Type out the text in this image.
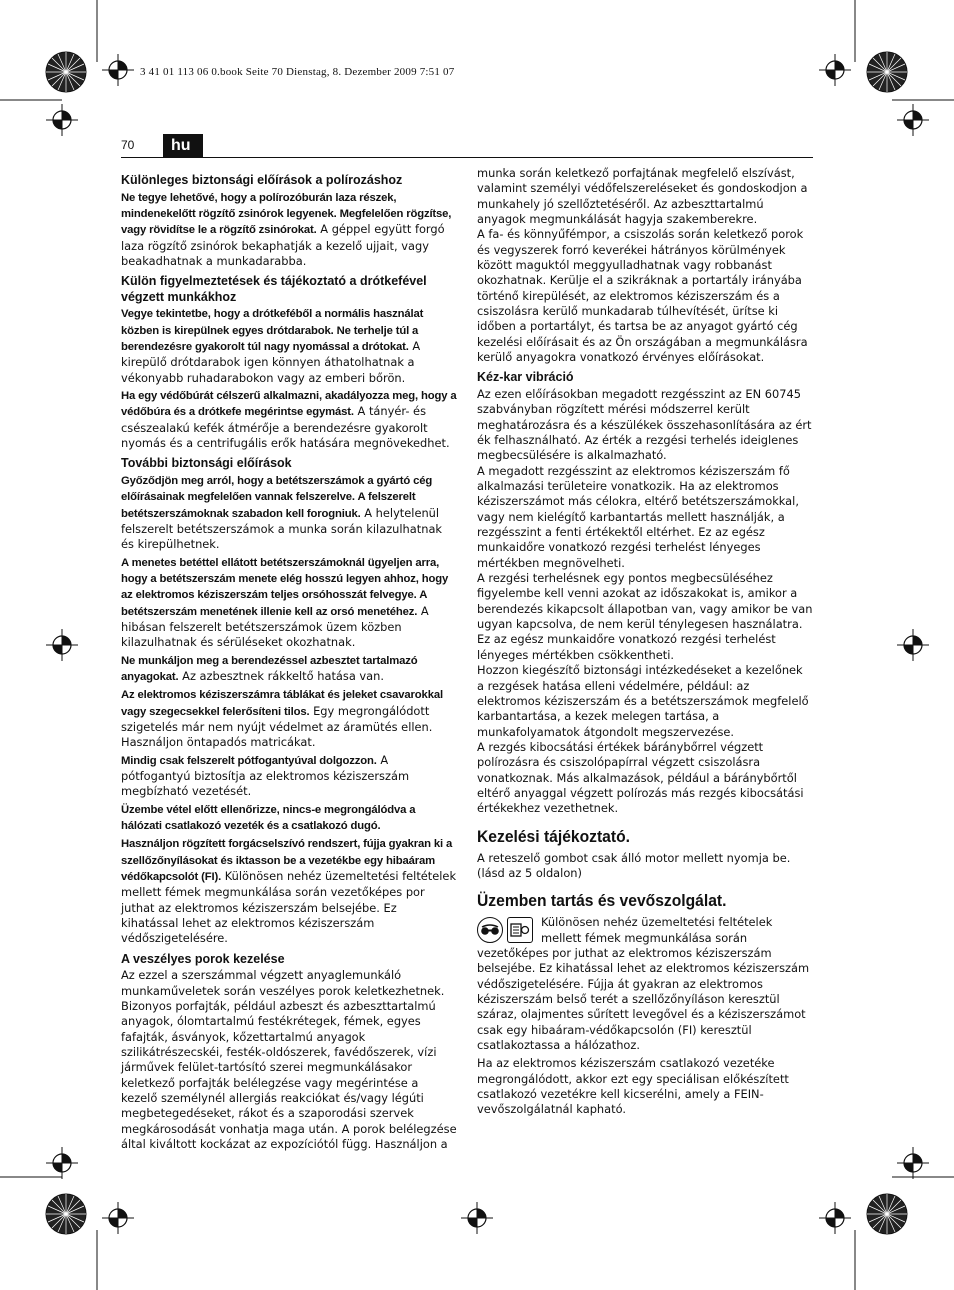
3 41 01 113 06 0.book Seite 70 Dienstag, 8. Dezember 2009 7:51 07
70	hu
Különleges biztonsági előírások a polírozáshoz

Ne tegye lehetővé, hogy a polírozóburán laza részek, mindenekelőtt rögzítő zsinórok legyenek. Megfelelően rögzítse, vagy rövidítse le a rögzítő zsinórokat. A géppel együtt forgó laza rögzítő zsinórok bekaphatják a kezelő ujjait, vagy beakadhatnak a munkadarabba.

Külön figyelmeztetések és tájékoztató a drótkefével végzett munkákhoz

Vegye tekintetbe, hogy a drótkeféből a normális használat közben is kirepülnek egyes drótdarabok. Ne terhelje túl a berendezésre gyakorolt túl nagy nyomással a drótokat. A kirepülő drótdarabok igen könnyen áthatolhatnak a vékonyabb ruhadarabokon vagy az emberi bőrön.

Ha egy védőbúrát célszerű alkalmazni, akadályozza meg, hogy a védőbúra és a drótkefe megérintse egymást. A tányér- és csészealakú kefék átmérője a berendezésre gyakorolt nyomás és a centrifugális erők hatására megnövekedhet.

További biztonsági előírások

Győződjön meg arról, hogy a betétszerszámok a gyártó cég előírásainak megfelelően vannak felszerelve. A felszerelt betétszerszámoknak szabadon kell forogniuk. A helytelenül felszerelt betétszerszámok a munka során kilazulhatnak és kirepülhetnek.

A menetes betéttel ellátott betétszerszámoknál ügyeljen arra, hogy a betétszerszám menete elég hosszú legyen ahhoz, hogy az elektromos kéziszerszám teljes orsóhosszát felvegye. A betétszerszám menetének illenie kell az orsó menetéhez. A hibásan felszerelt betétszerszámok üzem közben kilazulhatnak és sérüléseket okozhatnak.

Ne munkáljon meg a berendezéssel azbesztet tartalmazó anyagokat. Az azbesztnek rákkeltő hatása van.

Az elektromos kéziszerszámra táblákat és jeleket csavarokkal vagy szegecsekkel felerősíteni tilos. Egy megrongálódott szigetelés már nem nyújt védelmet az áramütés ellen. Használjon öntapadós matricákat.

Mindig csak felszerelt pótfogantyúval dolgozzon. A pótfogantyú biztosítja az elektromos kéziszerszám megbízható vezetését.

Üzembe vétel előtt ellenőrizze, nincs-e megrongálódva a hálózati csatlakozó vezeték és a csatlakozó dugó.

Használjon rögzített forgácselszívó rendszert, fújja gyakran ki a szellőzőnyílásokat és iktasson be a vezetékbe egy hibaáram védőkapcsolót (FI). Különösen nehéz üzemeltetési feltételek mellett fémek megmunkálása során vezetőképes por juthat az elektromos kéziszerszám belsejébe. Ez kihatással lehet az elektromos kéziszerszám védőszigetelésére.

A veszélyes porok kezelése

Az ezzel a szerszámmal végzett anyaglemunkáló munkaműveletek során veszélyes porok keletkezhetnek. Bizonyos porfajták, például azbeszt és azbeszttartalmú anyagok, ólomtartalmú festékrétegek, fémek, egyes fafajták, ásványok, kőzettartalmú anyagok szilikátrészecskéi, festék-oldószerek, favédőszerek, vízi járművek felület-tartósító szerei megmunkálásakor keletkező porfajták belélegzése vagy megérintése a kezelő személynél allergiás reakciókat és/vagy légúti megbetegedéseket, rákot és a szaporodási szervek megkárosodását vonhatja maga után. A porok belélegzése által kiváltott kockázat az expozíciótól függ. Használjon a

munka során keletkező porfajtának megfelelő elszívást, valamint személyi védőfelszereléseket és gondoskodjon a munkahely jó szellőztetéséről. Az azbeszttartalmú anyagok megmunkálását hagyja szakemberekre.

A fa- és könnyűfémpor, a csiszolás során keletkező porok és vegyszerek forró keverékei hátrányos körülmények között maguktól meggyulladhatnak vagy robbanást okozhatnak. Kerülje el a szikráknak a portartály irányába történő kirepülését, az elektromos kéziszerszám és a csiszolásra kerülő munkadarab túlhevítését, ürítse ki időben a portartályt, és tartsa be az anyagot gyártó cég kezelési előírásait és az Ön országában a megmunkálásra kerülő anyagokra vonatkozó érvényes előírásokat.

Kéz-kar vibráció

Az ezen előírásokban megadott rezgésszint az EN 60745 szabványban rögzített mérési módszerrel került meghatározásra és a készülékek összehasonlítására az ért ék felhasználható. Az érték a rezgési terhelés ideiglenes megbecsülésére is alkalmazható.

A megadott rezgésszint az elektromos kéziszerszám fő alkalmazási területeire vonatkozik. Ha az elektromos kéziszerszámot más célokra, eltérő betétszerszámokkal, vagy nem kielégítő karbantartás mellett használják, a rezgésszint a fenti értékektől eltérhet. Ez az egész munkaidőre vonatkozó rezgési terhelést lényeges mértékben megnövelheti.

A rezgési terhelésnek egy pontos megbecsüléséhez figyelembe kell venni azokat az időszakokat is, amikor a berendezés kikapcsolt állapotban van, vagy amikor be van ugyan kapcsolva, de nem kerül ténylegesen használatra. Ez az egész munkaidőre vonatkozó rezgési terhelést lényeges mértékben csökkentheti.

Hozzon kiegészítő biztonsági intézkedéseket a kezelőnek a rezgések hatása elleni védelmére, például: az elektromos kéziszerszám és a betétszerszámok megfelelő karbantartása, a kezek melegen tartása, a munkafolyamatok átgondolt megszervezése.

A rezgés kibocsátási értékek báránybőrrel végzett polírozásra és csiszolópapírral végzett csiszolásra vonatkoznak. Más alkalmazások, például a báránybőrtől eltérő anyaggal végzett polírozás más rezgés kibocsátási értékekhez vezethetnek.

Kezelési tájékoztató.

A reteszelő gombot csak álló motor mellett nyomja be. (lásd az 5 oldalon)

Üzemben tartás és vevőszolgálat.

Különösen nehéz üzemeltetési feltételek mellett fémek megmunkálása során vezetőképes por juthat az elektromos kéziszerszám belsejébe. Ez kihatással lehet az elektromos kéziszerszám védőszigetelésére. Fújja át gyakran az elektromos kéziszerszám belső terét a szellőzőnyíláson keresztül száraz, olajmentes sűrített levegővel és a kéziszerszámot csak egy hibaáram-védőkapcsolón (FI) keresztül csatlakoztassa a hálózathoz.

Ha az elektromos kéziszerszám csatlakozó vezetéke megrongálódott, akkor ezt egy speciálisan előkészített csatlakozó vezetékre kell kicserélni, amely a FEIN-vevőszolgálatnál kapható.
